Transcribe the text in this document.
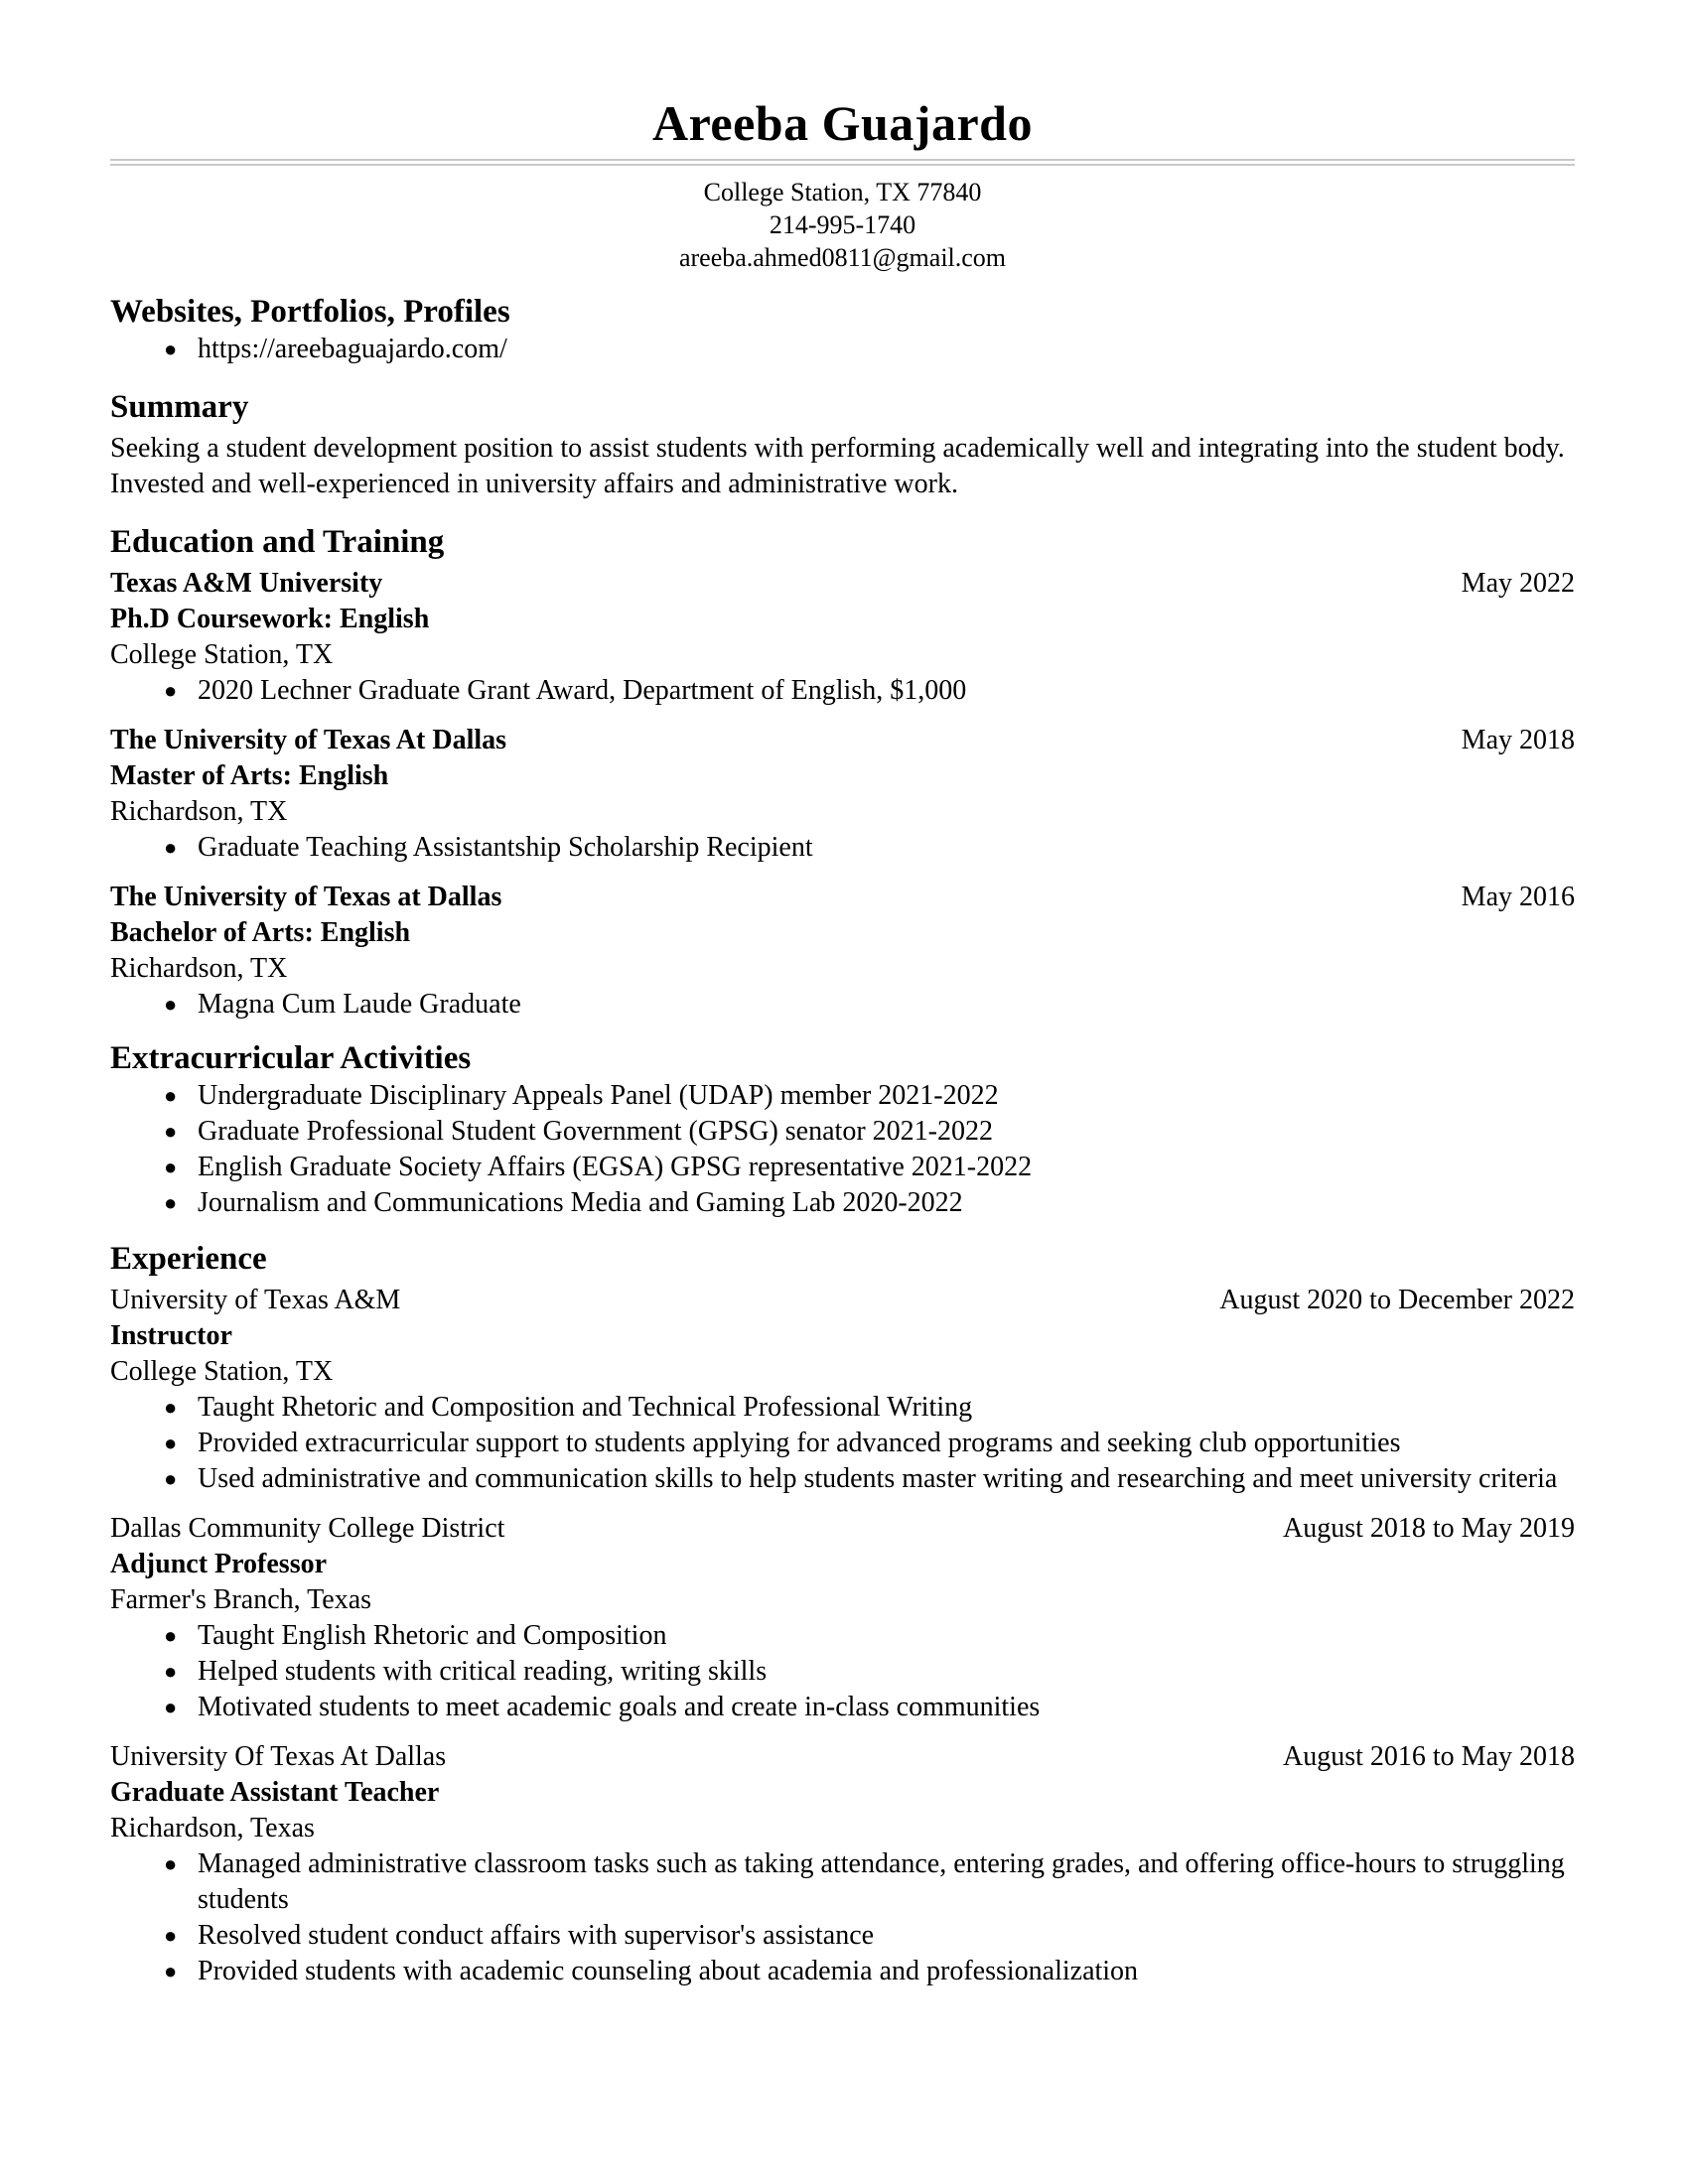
Areeba Guajardo
College Station, TX 77840
214-995-1740
areeba.ahmed0811@gmail.com
Websites, Portfolios, Profiles
● https://areebaguajardo.com/
Summary
Seeking a student development position to assist students with performing academically well and integrating into the student body. Invested and well-experienced in university affairs and administrative work.
Education and Training
Texas A&M University	May 2022
Ph.D Coursework: English
College Station, TX
● 2020 Lechner Graduate Grant Award, Department of English, $1,000
The University of Texas At Dallas	May 2018
Master of Arts: English
Richardson, TX
● Graduate Teaching Assistantship Scholarship Recipient
The University of Texas at Dallas	May 2016
Bachelor of Arts: English
Richardson, TX
● Magna Cum Laude Graduate
Extracurricular Activities
● Undergraduate Disciplinary Appeals Panel (UDAP) member 2021-2022
● Graduate Professional Student Government (GPSG) senator 2021-2022
● English Graduate Society Affairs (EGSA) GPSG representative 2021-2022
● Journalism and Communications Media and Gaming Lab 2020-2022
Experience
University of Texas A&M	August 2020 to December 2022
Instructor
College Station, TX
● Taught Rhetoric and Composition and Technical Professional Writing
● Provided extracurricular support to students applying for advanced programs and seeking club opportunities
● Used administrative and communication skills to help students master writing and researching and meet university criteria
Dallas Community College District	August 2018 to May 2019
Adjunct Professor
Farmer's Branch, Texas
● Taught English Rhetoric and Composition
● Helped students with critical reading, writing skills
● Motivated students to meet academic goals and create in-class communities
University Of Texas At Dallas	August 2016 to May 2018
Graduate Assistant Teacher
Richardson, Texas
● Managed administrative classroom tasks such as taking attendance, entering grades, and offering office-hours to struggling students
● Resolved student conduct affairs with supervisor's assistance
● Provided students with academic counseling about academia and professionalization
